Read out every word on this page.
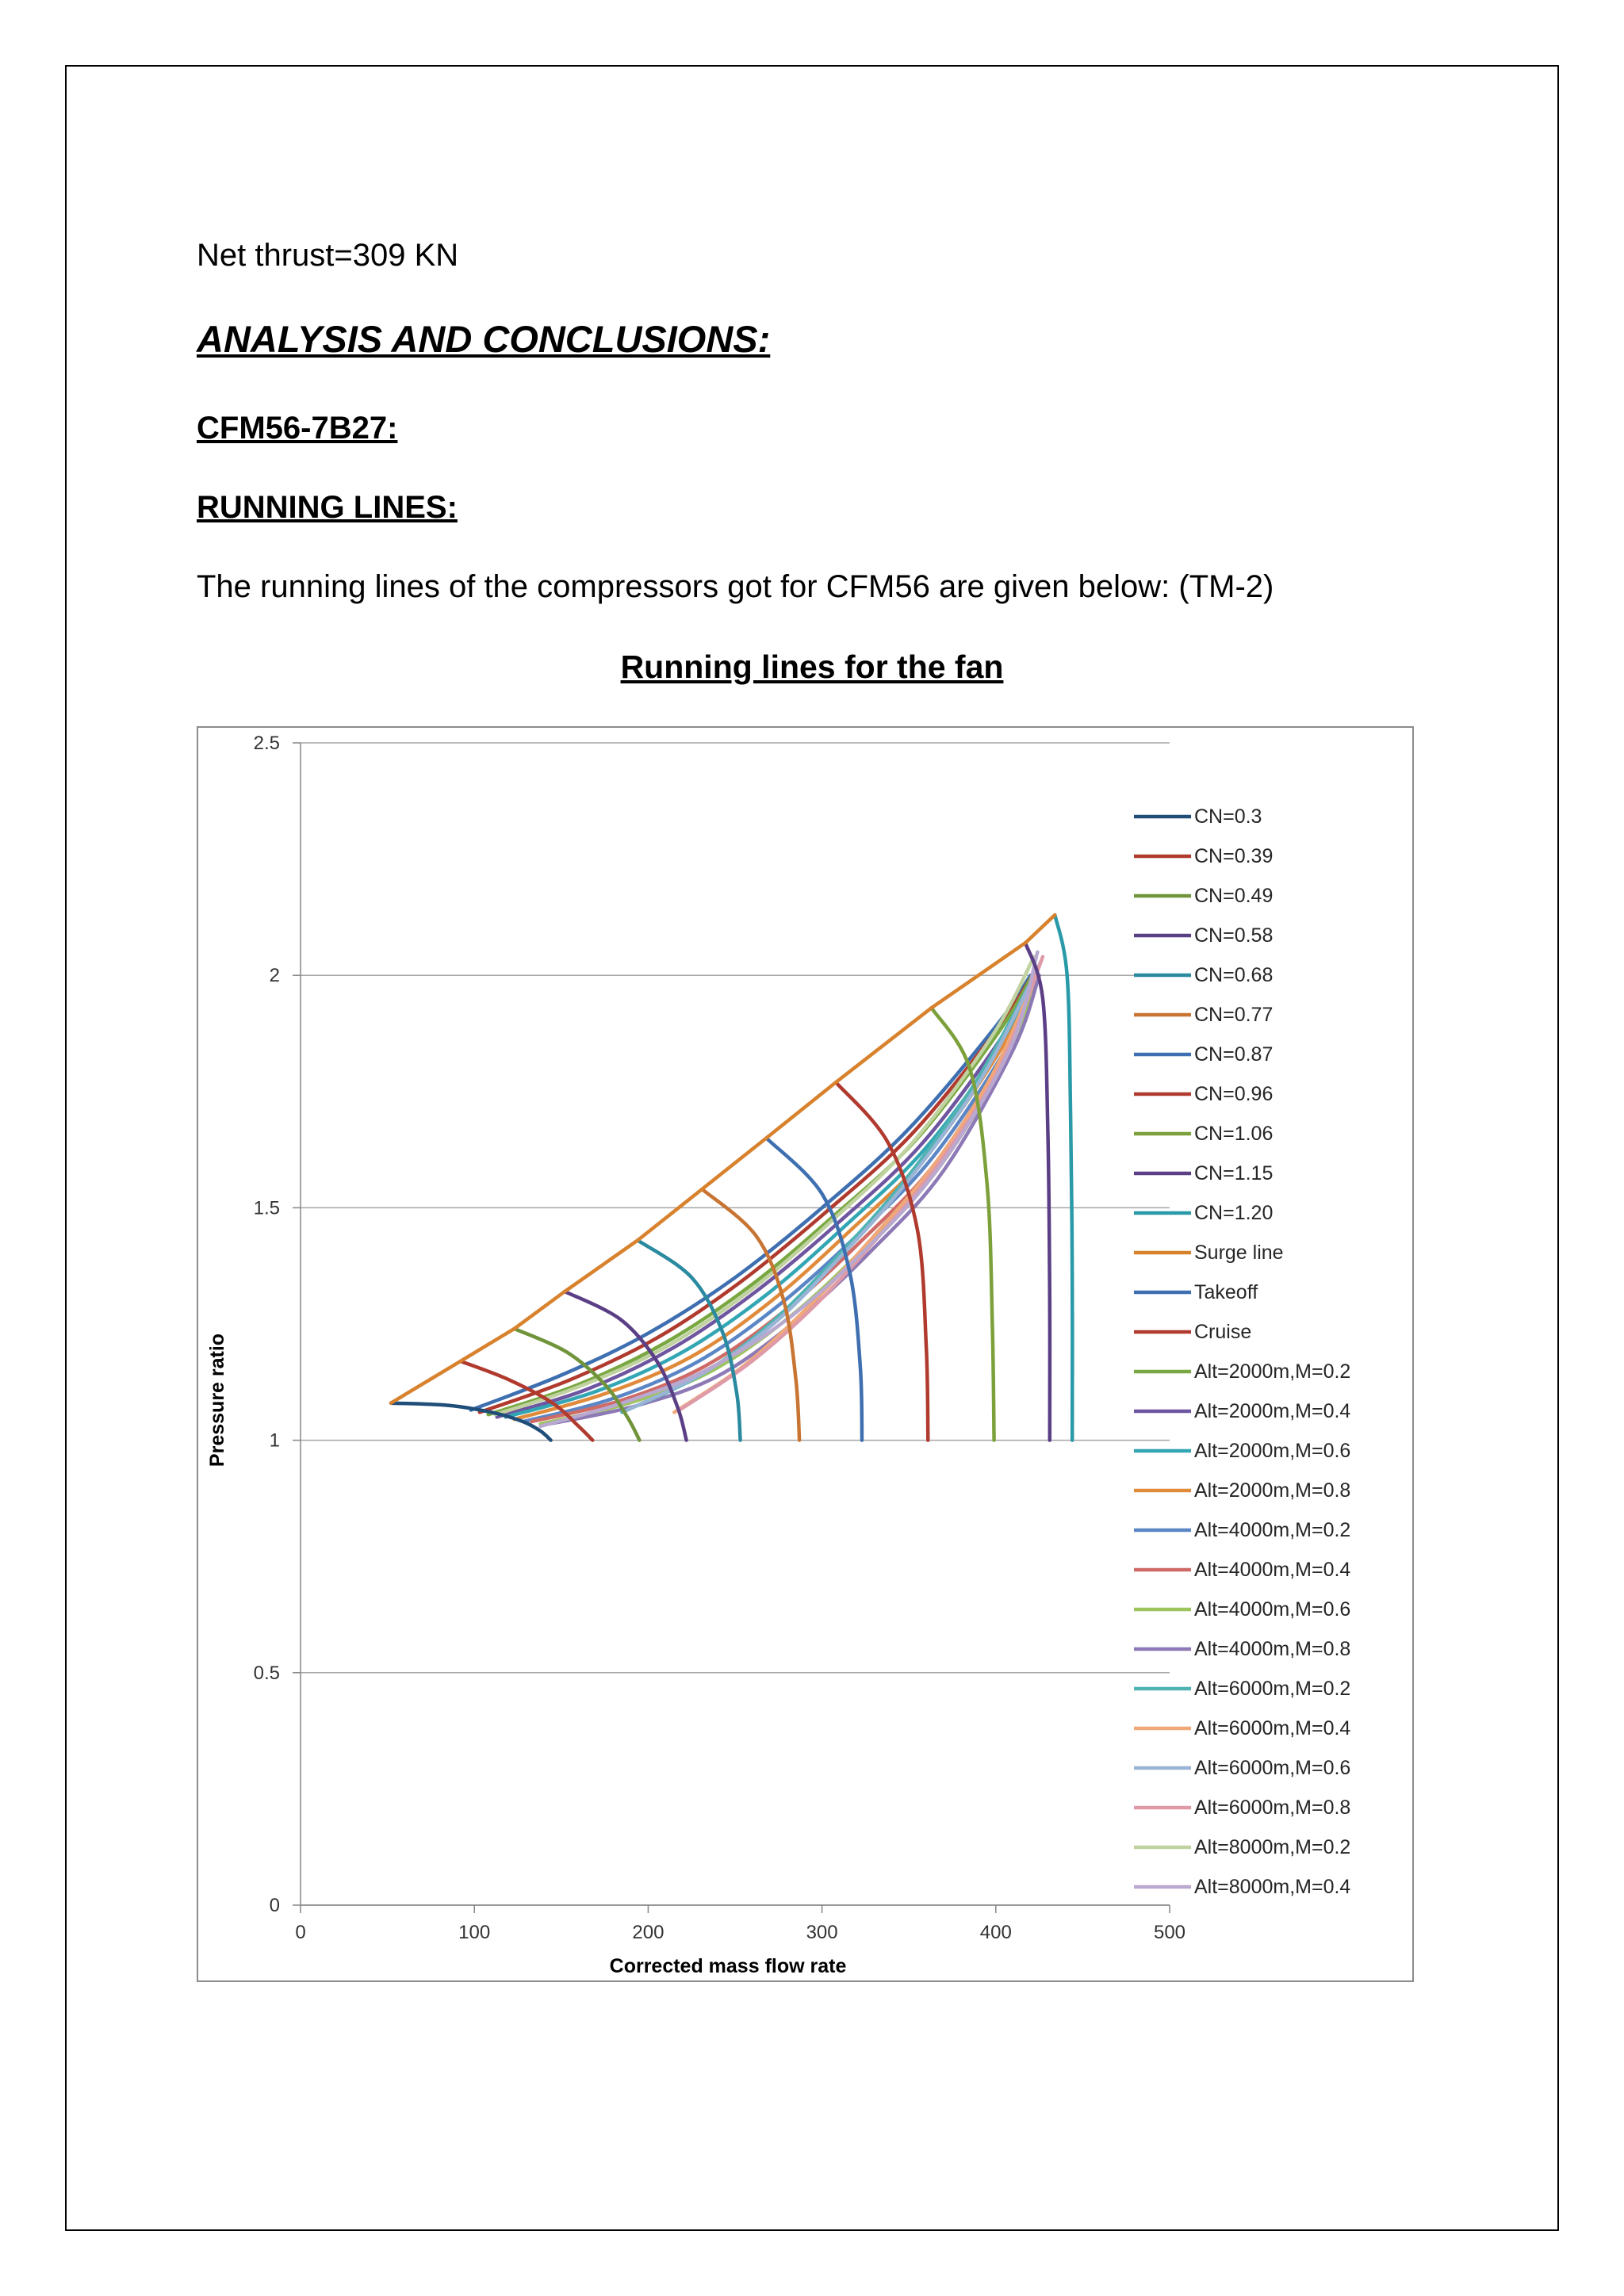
Net thrust=309 KN
ANALYSIS AND CONCLUSIONS:
CFM56-7B27:
RUNNING LINES:
The running lines of the compressors got for CFM56 are given below: (TM-2)
Running lines for the fan
0
0.5
1
1.5
2
2.5
0	100	200	300	400	500
CN=0.3
CN=0.39
CN=0.49
CN=0.58
CN=0.68
CN=0.77
CN=0.87
CN=0.96
CN=1.06
CN=1.15
CN=1.20
Surge line
Takeoff
Cruise
Alt=2000m,M=0.2
Alt=2000m,M=0.4
Alt=2000m,M=0.6
Alt=2000m,M=0.8
Alt=4000m,M=0.2
Alt=4000m,M=0.4
Alt=4000m,M=0.6
Alt=4000m,M=0.8
Alt=6000m,M=0.2
Alt=6000m,M=0.4
Alt=6000m,M=0.6
Alt=6000m,M=0.8
Alt=8000m,M=0.2
Alt=8000m,M=0.4
Corrected mass flow rate
Pressure ratio
